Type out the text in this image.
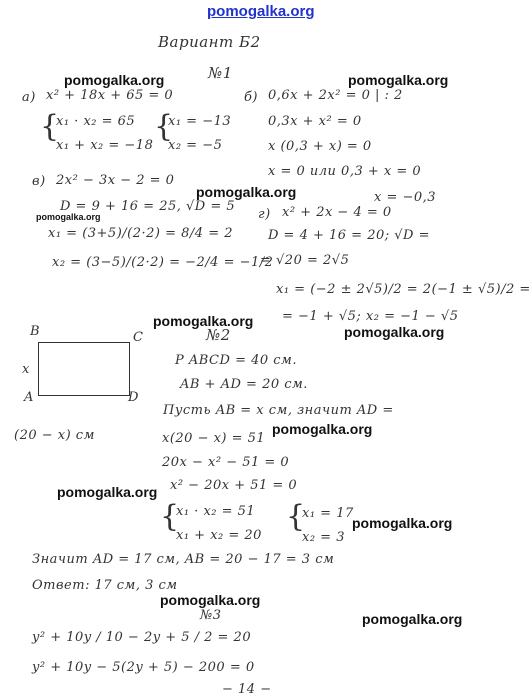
pomogalka.org
Вариант Б2
№1
pomogalka.org	pomogalka.org
а) x² + 18x + 65 = 0
{
x₁ · x₂ = 65
x₁ + x₂ = −18
{
x₁ = −13
x₂ = −5
б) 0,6x + 2x² = 0 | : 2
0,3x + x² = 0
x (0,3 + x) = 0
x = 0 или 0,3 + x = 0
x = −0,3
в) 2x² − 3x − 2 = 0
pomogalka.org
D = 9 + 16 = 25, √D = 5
pomogalka.org
x₁ = (3+5)/(2·2) = 8/4 = 2
x₂ = (3−5)/(2·2) = −2/4 = −1/2
г) x² + 2x − 4 = 0
D = 4 + 16 = 20; √D =
= √20 = 2√5
x₁ = (−2 ± 2√5)/2 = 2(−1 ± √5)/2 =
= −1 + √5; x₂ = −1 − √5
pomogalka.org
pomogalka.org
№2
B	C
A	D
x
(20 − x) см
P ABCD = 40 см.
AB + AD = 20 см.
Пусть AB = x см, значит AD =
pomogalka.org
x(20 − x) = 51
20x − x² − 51 = 0
x² − 20x + 51 = 0
pomogalka.org
{
x₁ · x₂ = 51
x₁ + x₂ = 20
{
x₁ = 17
x₂ = 3
pomogalka.org
Значит AD = 17 см, AB = 20 − 17 = 3 см
Ответ: 17 см, 3 см
pomogalka.org
№3	pomogalka.org
y² + 10y / 10 − 2y + 5 / 2 = 20
y² + 10y − 5(2y + 5) − 200 = 0
− 14 −
